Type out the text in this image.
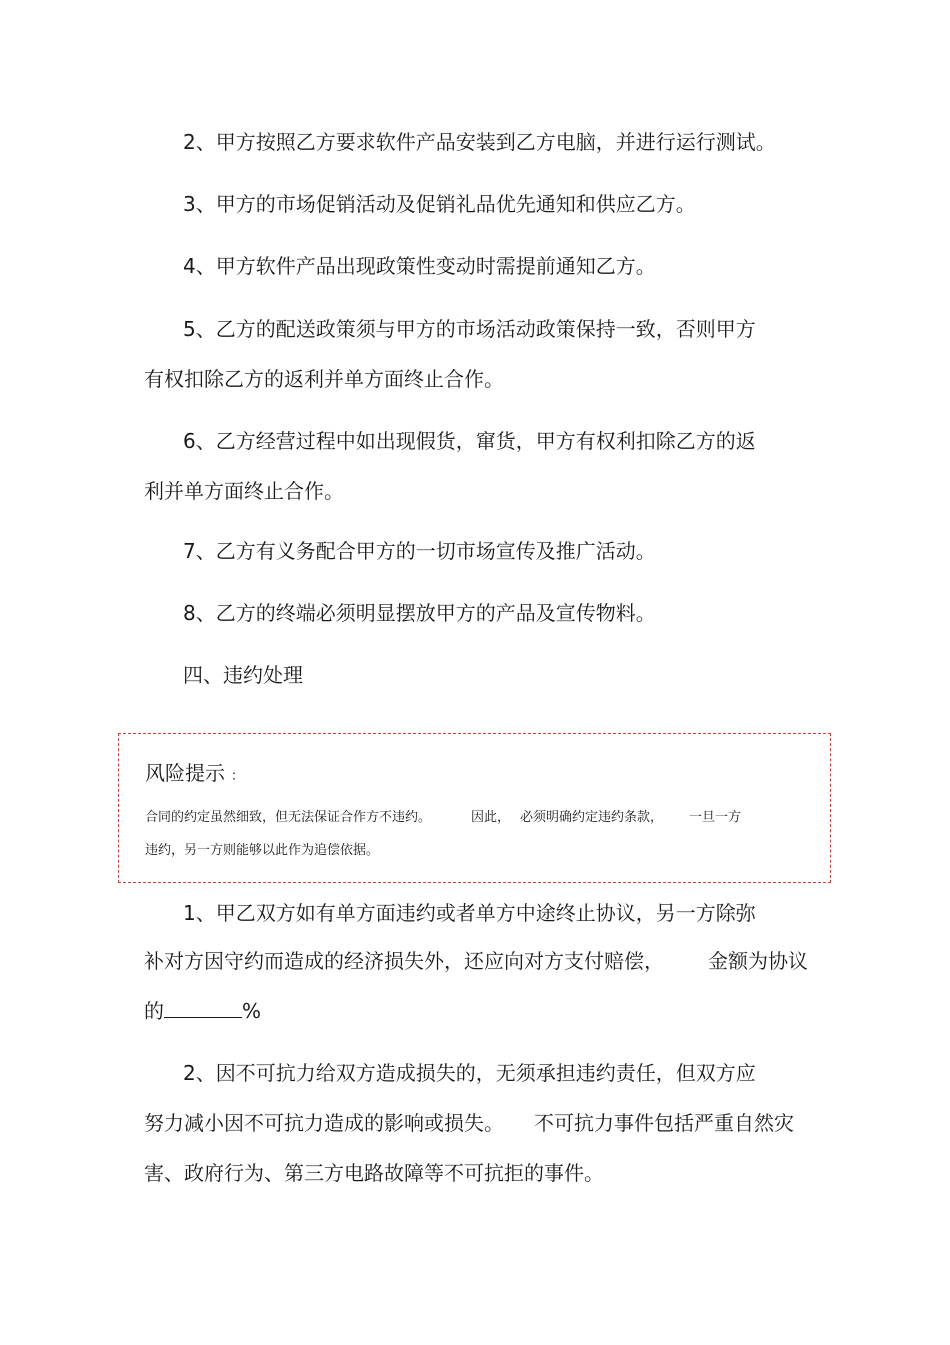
2、甲方按照乙方要求软件产品安装到乙方电脑，并进行运行测试。

3、甲方的市场促销活动及促销礼品优先通知和供应乙方。

4、甲方软件产品出现政策性变动时需提前通知乙方。

5、乙方的配送政策须与甲方的市场活动政策保持一致，否则甲方

有权扣除乙方的返利并单方面终止合作。

6、乙方经营过程中如出现假货，窜货，甲方有权利扣除乙方的返

利并单方面终止合作。

7、乙方有义务配合甲方的一切市场宣传及推广活动。

8、乙方的终端必须明显摆放甲方的产品及宣传物料。

四、违约处理

风险提示 ：

合同的约定虽然细致，但无法保证合作方不违约。	因此， 必须明确约定违约条款， 一旦一方

违约，另一方则能够以此作为追偿依据。

1、甲乙双方如有单方面违约或者单方中途终止协议，另一方除弥

补对方因守约而造成的经济损失外，还应向对方支付赔偿， 金额为协议

的	%

2、因不可抗力给双方造成损失的，无须承担违约责任，但双方应

努力减小因不可抗力造成的影响或损失。 不可抗力事件包括严重自然灾

害、政府行为、第三方电路故障等不可抗拒的事件。
